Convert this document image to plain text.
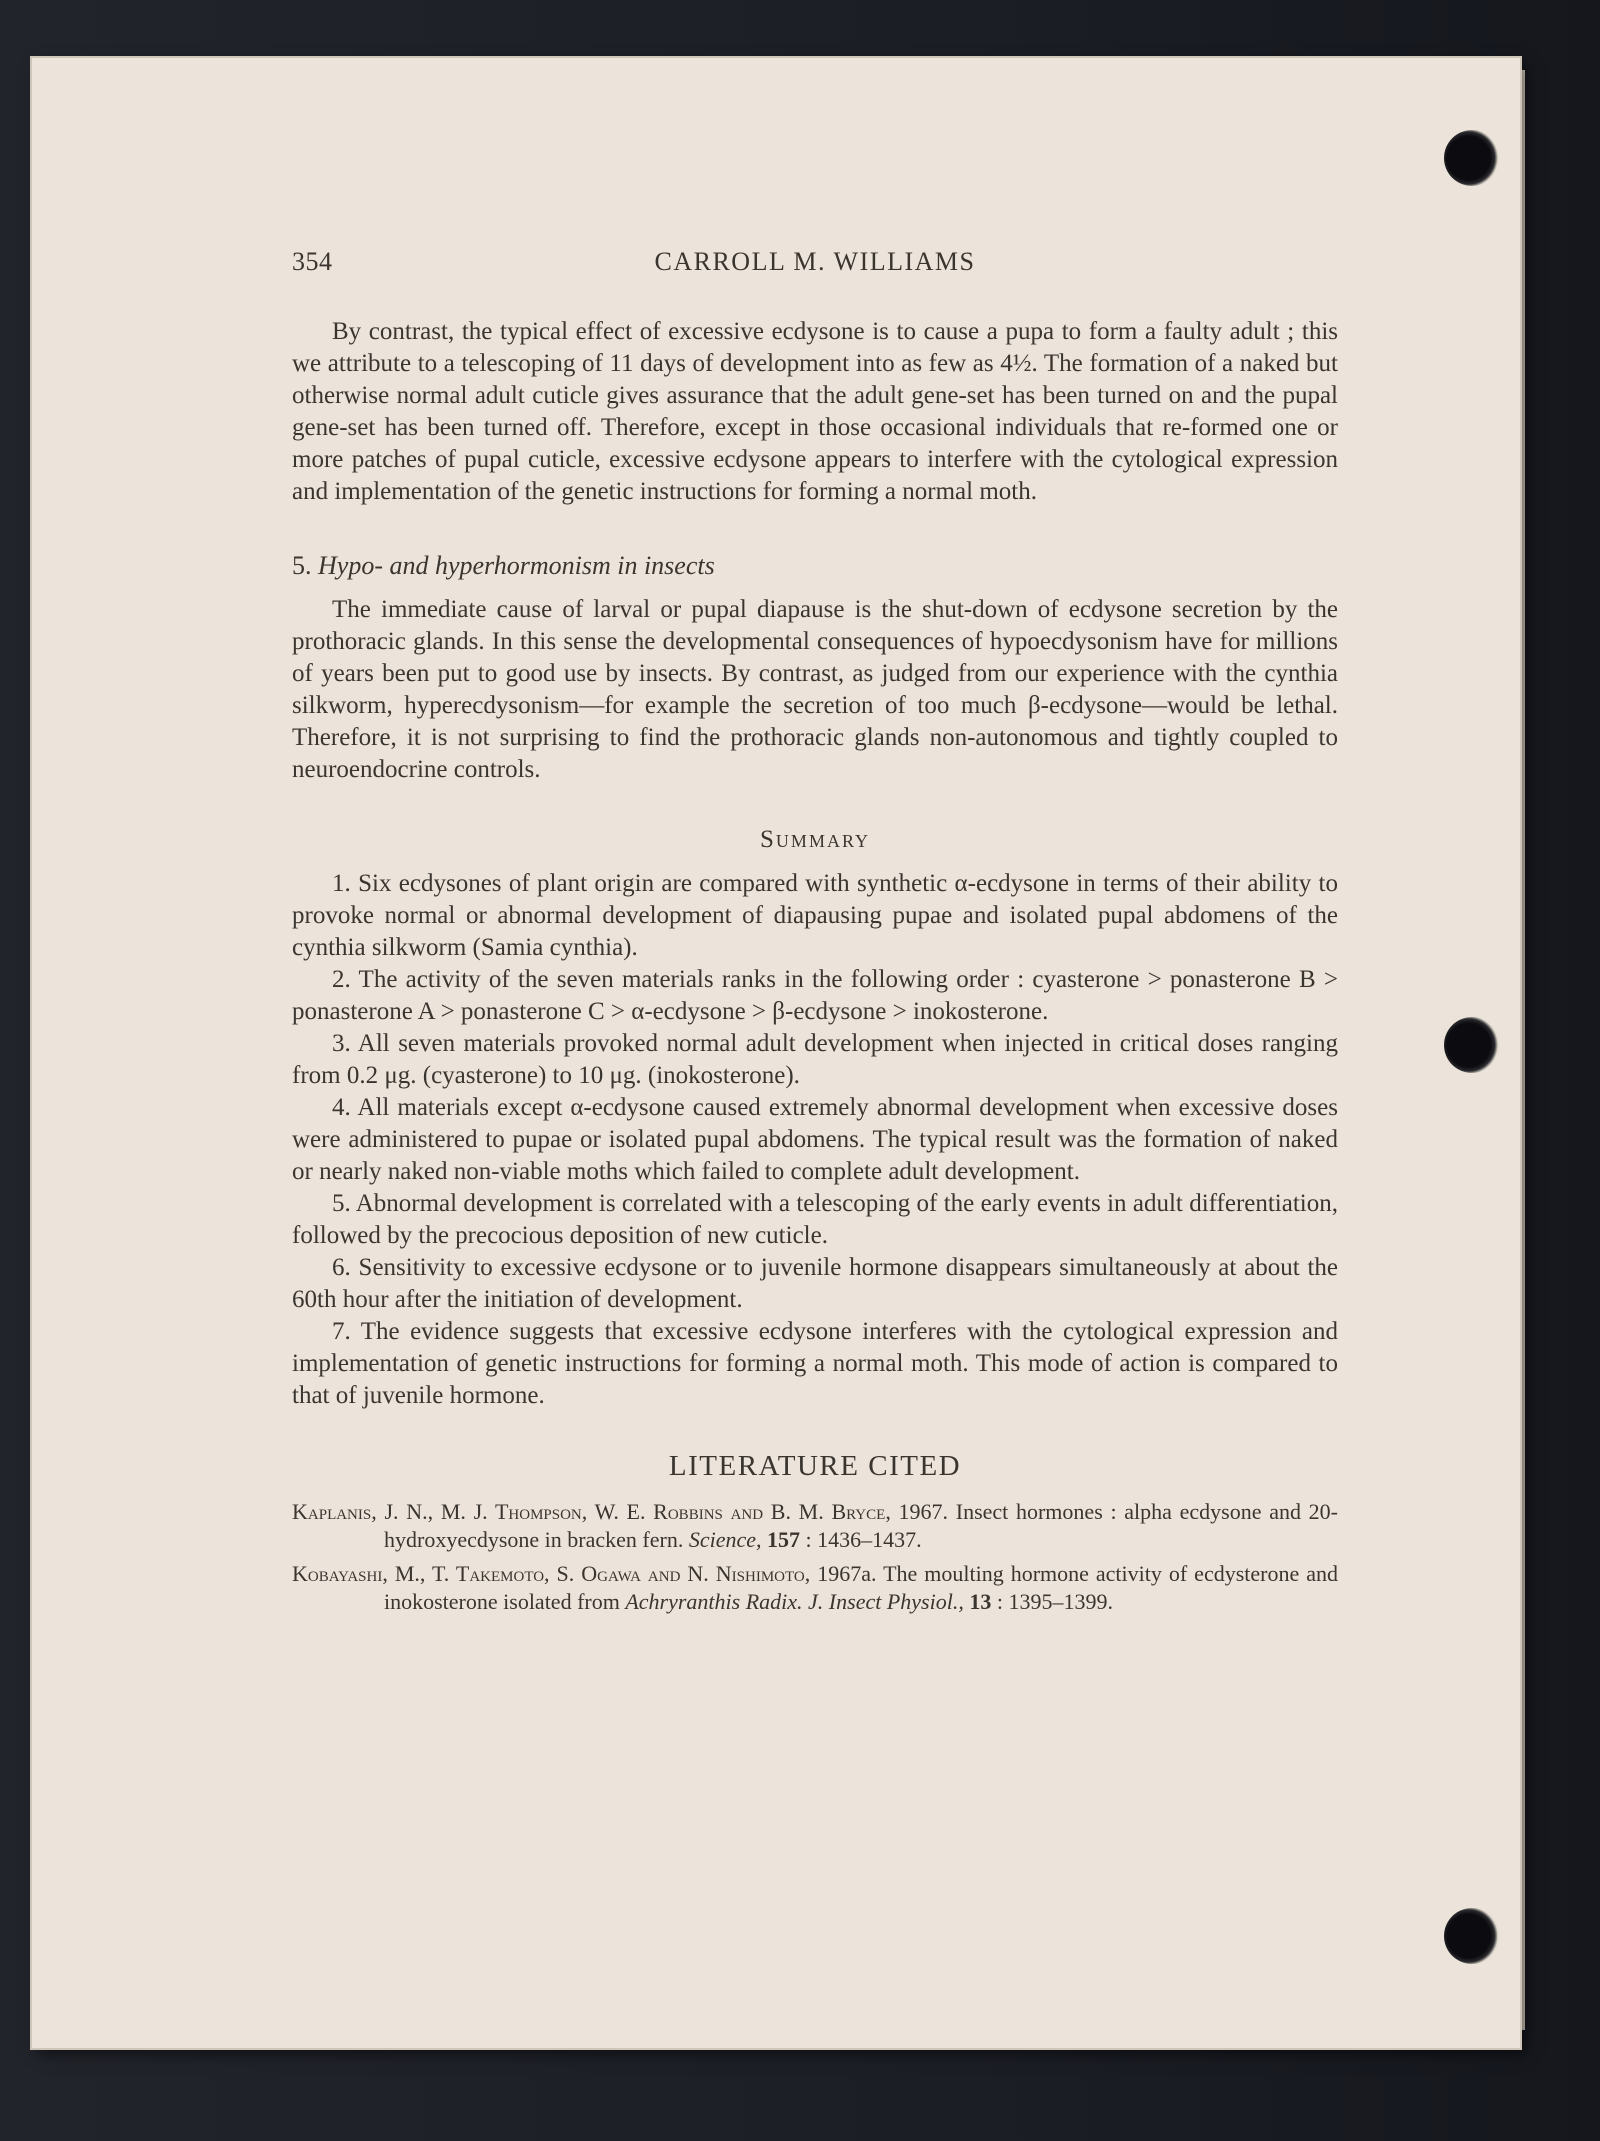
354	CARROLL M. WILLIAMS

By contrast, the typical effect of excessive ecdysone is to cause a pupa to form a faulty adult ; this we attribute to a telescoping of 11 days of development into as few as 4½. The formation of a naked but otherwise normal adult cuticle gives assurance that the adult gene-set has been turned on and the pupal gene-set has been turned off. Therefore, except in those occasional individuals that re-formed one or more patches of pupal cuticle, excessive ecdysone appears to interfere with the cytological expression and implementation of the genetic instructions for forming a normal moth.

5. Hypo- and hyperhormonism in insects

The immediate cause of larval or pupal diapause is the shut-down of ecdysone secretion by the prothoracic glands. In this sense the developmental consequences of hypoecdysonism have for millions of years been put to good use by insects. By contrast, as judged from our experience with the cynthia silkworm, hyperecdysonism—for example the secretion of too much β-ecdysone—would be lethal. Therefore, it is not surprising to find the prothoracic glands non-autonomous and tightly coupled to neuroendocrine controls.

Summary

1. Six ecdysones of plant origin are compared with synthetic α-ecdysone in terms of their ability to provoke normal or abnormal development of diapausing pupae and isolated pupal abdomens of the cynthia silkworm (Samia cynthia).

2. The activity of the seven materials ranks in the following order : cyasterone > ponasterone B > ponasterone A > ponasterone C > α-ecdysone > β-ecdysone > inokosterone.

3. All seven materials provoked normal adult development when injected in critical doses ranging from 0.2 μg. (cyasterone) to 10 μg. (inokosterone).

4. All materials except α-ecdysone caused extremely abnormal development when excessive doses were administered to pupae or isolated pupal abdomens. The typical result was the formation of naked or nearly naked non-viable moths which failed to complete adult development.

5. Abnormal development is correlated with a telescoping of the early events in adult differentiation, followed by the precocious deposition of new cuticle.

6. Sensitivity to excessive ecdysone or to juvenile hormone disappears simultaneously at about the 60th hour after the initiation of development.

7. The evidence suggests that excessive ecdysone interferes with the cytological expression and implementation of genetic instructions for forming a normal moth. This mode of action is compared to that of juvenile hormone.

LITERATURE CITED
Kaplanis, J. N., M. J. Thompson, W. E. Robbins and B. M. Bryce, 1967. Insect hormones : alpha ecdysone and 20-hydroxyecdysone in bracken fern. Science, 157 : 1436–1437.
Kobayashi, M., T. Takemoto, S. Ogawa and N. Nishimoto, 1967a. The moulting hormone activity of ecdysterone and inokosterone isolated from Achryranthis Radix. J. Insect Physiol., 13 : 1395–1399.
